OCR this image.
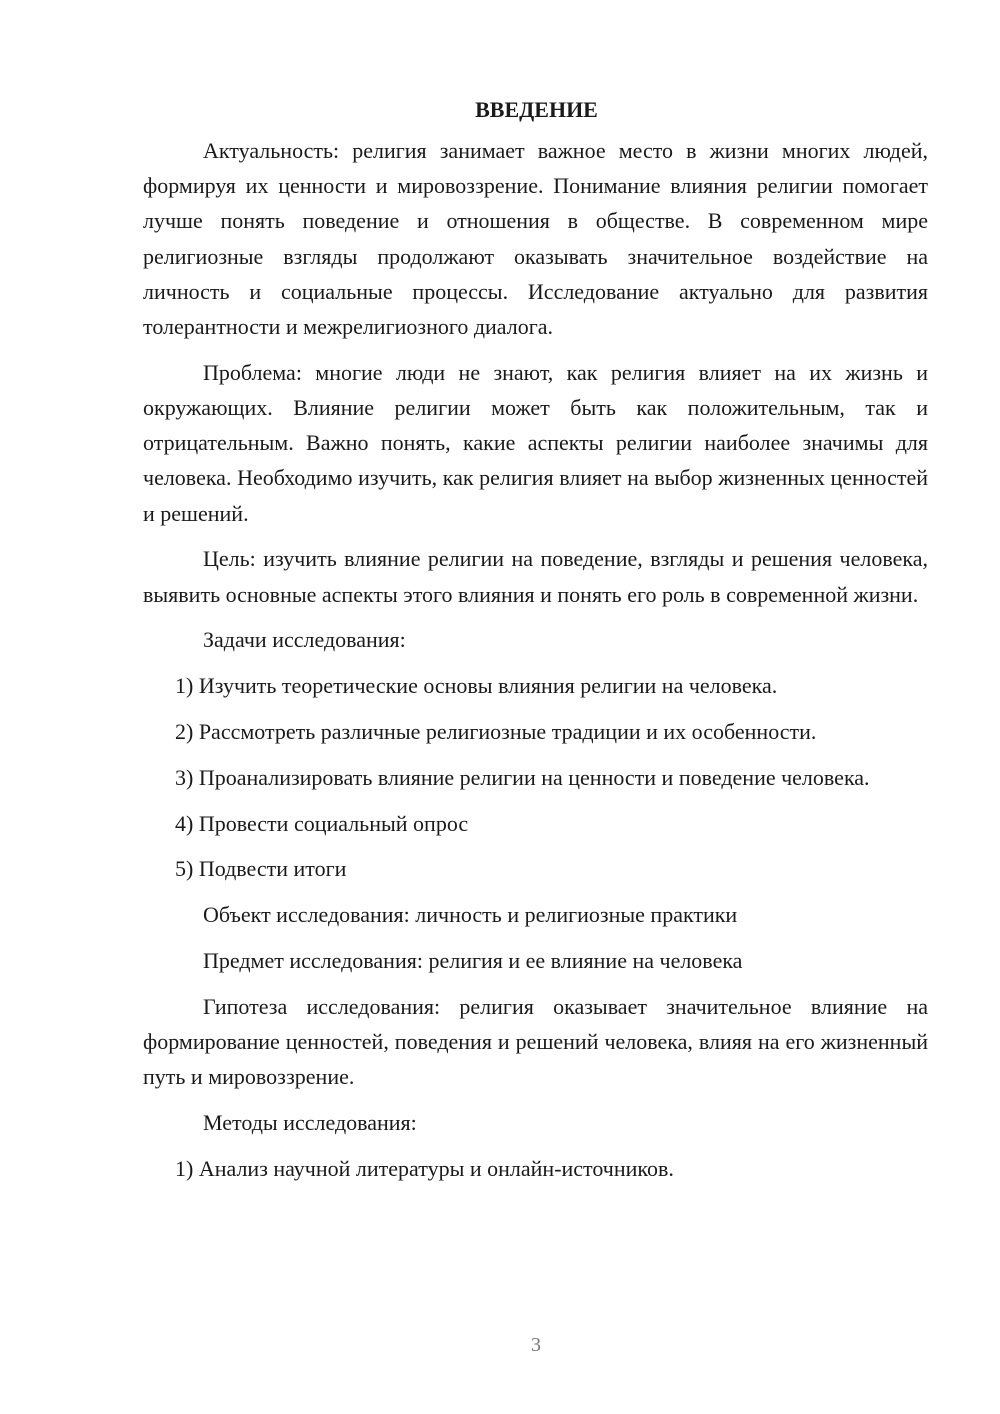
ВВЕДЕНИЕ

Актуальность: религия занимает важное место в жизни многих людей, формируя их ценности и мировоззрение. Понимание влияния религии помогает лучше понять поведение и отношения в обществе. В современном мире религиозные взгляды продолжают оказывать значительное воздействие на личность и социальные процессы. Исследование актуально для развития толерантности и межрелигиозного диалога.

Проблема: многие люди не знают, как религия влияет на их жизнь и окружающих. Влияние религии может быть как положительным, так и отрицательным. Важно понять, какие аспекты религии наиболее значимы для человека. Необходимо изучить, как религия влияет на выбор жизненных ценностей и решений.

Цель: изучить влияние религии на поведение, взгляды и решения человека, выявить основные аспекты этого влияния и понять его роль в современной жизни.

Задачи исследования:

1) Изучить теоретические основы влияния религии на человека.

2) Рассмотреть различные религиозные традиции и их особенности.

3) Проанализировать влияние религии на ценности и поведение человека.

4) Провести социальный опрос

5) Подвести итоги

Объект исследования: личность и религиозные практики

Предмет исследования: религия и ее влияние на человека

Гипотеза исследования: религия оказывает значительное влияние на формирование ценностей, поведения и решений человека, влияя на его жизненный путь и мировоззрение.

Методы исследования:

1) Анализ научной литературы и онлайн-источников.

3
